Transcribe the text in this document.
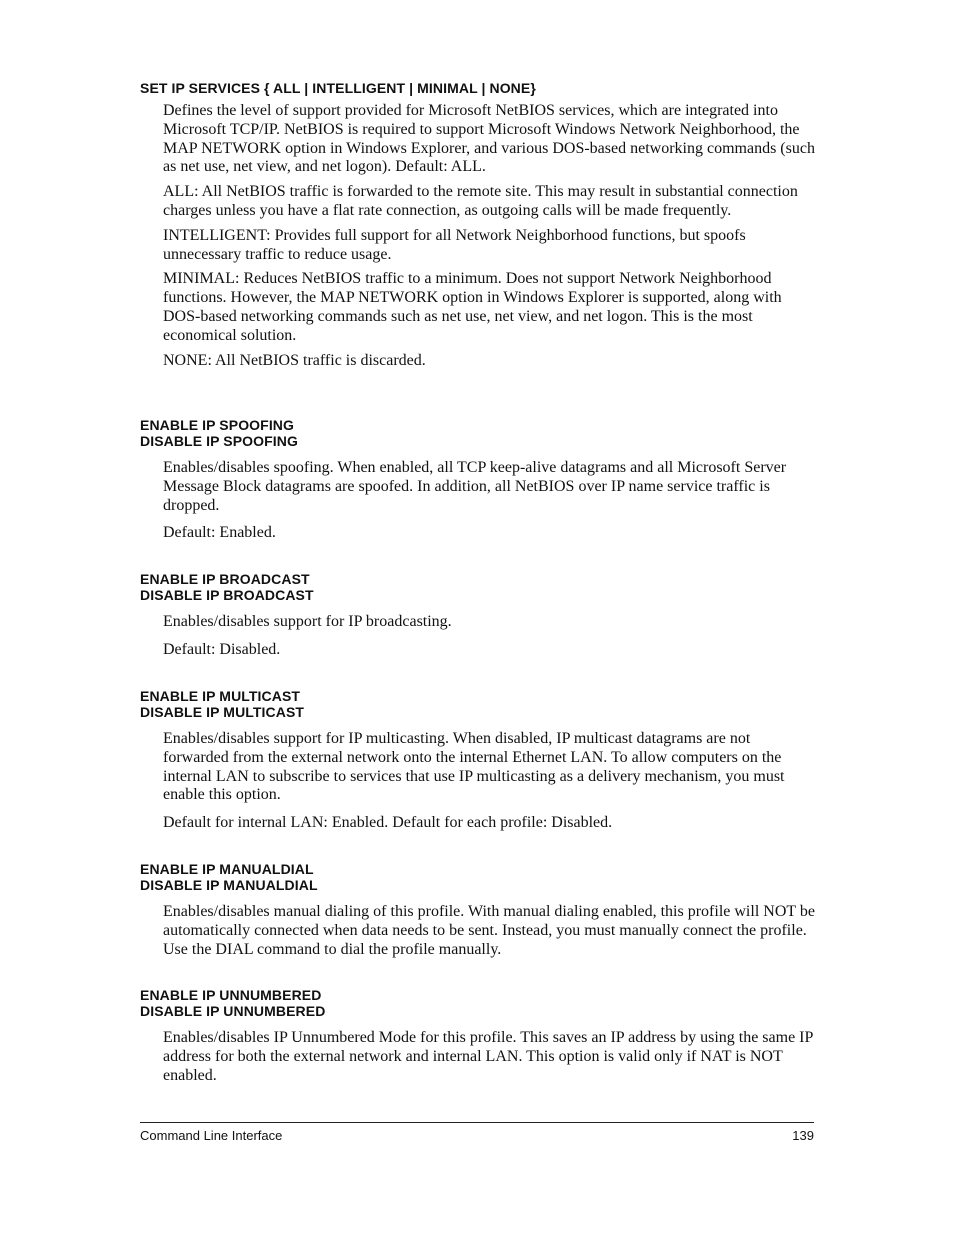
SET IP SERVICES { ALL | INTELLIGENT | MINIMAL | NONE}

Defines the level of support provided for Microsoft NetBIOS services, which are integrated into Microsoft TCP/IP. NetBIOS is required to support Microsoft Windows Network Neighborhood, the MAP NETWORK option in Windows Explorer, and various DOS-based networking commands (such as net use, net view, and net logon). Default: ALL.

ALL: All NetBIOS traffic is forwarded to the remote site. This may result in substantial connection charges unless you have a flat rate connection, as outgoing calls will be made frequently.

INTELLIGENT: Provides full support for all Network Neighborhood functions, but spoofs unnecessary traffic to reduce usage.

MINIMAL: Reduces NetBIOS traffic to a minimum. Does not support Network Neighborhood functions. However, the MAP NETWORK option in Windows Explorer is supported, along with DOS-based networking commands such as net use, net view, and net logon. This is the most economical solution.

NONE: All NetBIOS traffic is discarded.

ENABLE IP SPOOFING
DISABLE IP SPOOFING

Enables/disables spoofing. When enabled, all TCP keep-alive datagrams and all Microsoft Server Message Block datagrams are spoofed. In addition, all NetBIOS over IP name service traffic is dropped.

Default: Enabled.

ENABLE IP BROADCAST
DISABLE IP BROADCAST

Enables/disables support for IP broadcasting.

Default: Disabled.

ENABLE IP MULTICAST
DISABLE IP MULTICAST

Enables/disables support for IP multicasting. When disabled, IP multicast datagrams are not forwarded from the external network onto the internal Ethernet LAN. To allow computers on the internal LAN to subscribe to services that use IP multicasting as a delivery mechanism, you must enable this option.

Default for internal LAN: Enabled. Default for each profile: Disabled.

ENABLE IP MANUALDIAL
DISABLE IP MANUALDIAL

Enables/disables manual dialing of this profile. With manual dialing enabled, this profile will NOT be automatically connected when data needs to be sent. Instead, you must manually connect the profile. Use the DIAL command to dial the profile manually.

ENABLE IP UNNUMBERED
DISABLE IP UNNUMBERED

Enables/disables IP Unnumbered Mode for this profile. This saves an IP address by using the same IP address for both the external network and internal LAN. This option is valid only if NAT is NOT enabled.

Command Line Interface	139
